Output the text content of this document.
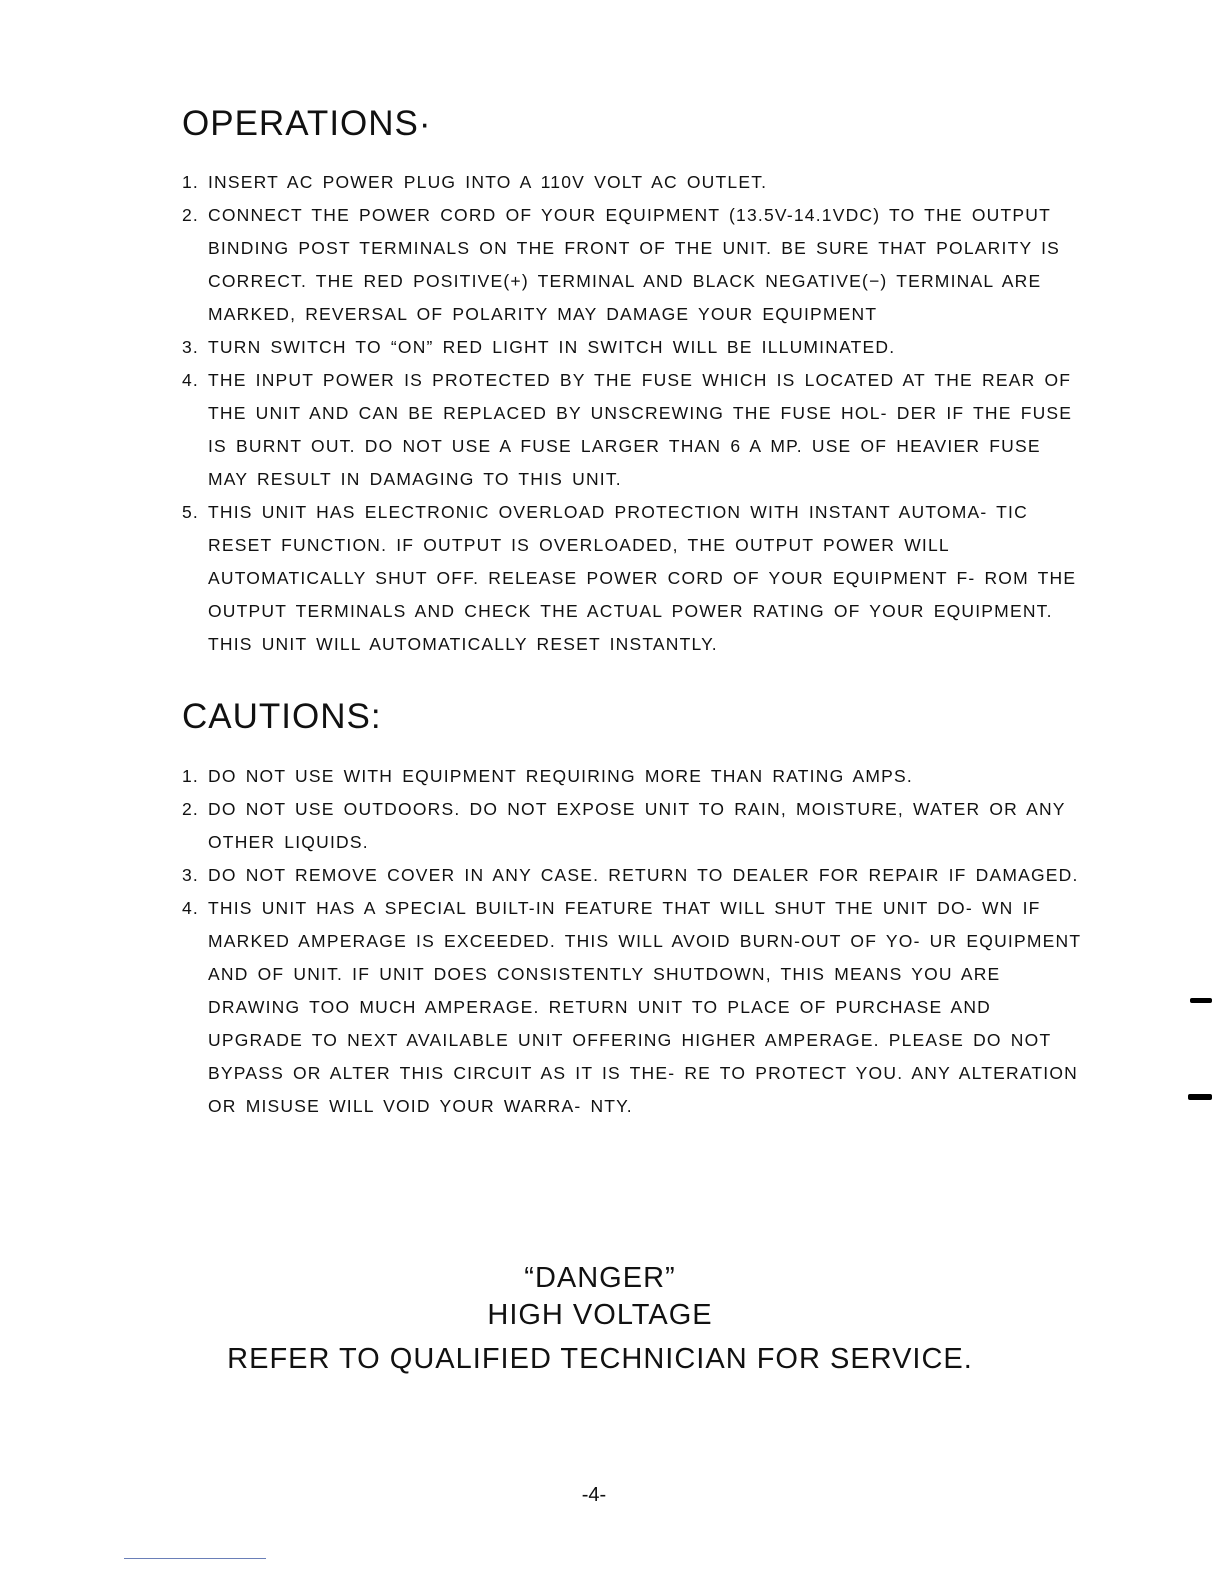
OPERATIONS·
1. INSERT AC POWER PLUG INTO A 110V VOLT AC OUTLET.
2. CONNECT THE POWER CORD OF YOUR EQUIPMENT (13.5V-14.1VDC) TO THE OUTPUT BINDING POST TERMINALS ON THE FRONT OF THE UNIT. BE SURE THAT POLARITY IS CORRECT. THE RED POSITIVE(+) TERMINAL AND BLACK NEGATIVE(−) TERMINAL ARE MARKED, REVERSAL OF POLARITY MAY DAMAGE YOUR EQUIPMENT
3. TURN SWITCH TO “ON” RED LIGHT IN SWITCH WILL BE ILLUMINATED.
4. THE INPUT POWER IS PROTECTED BY THE FUSE WHICH IS LOCATED AT THE REAR OF THE UNIT AND CAN BE REPLACED BY UNSCREWING THE FUSE HOL- DER IF THE FUSE IS BURNT OUT. DO NOT USE A FUSE LARGER THAN 6 A MP. USE OF HEAVIER FUSE MAY RESULT IN DAMAGING TO THIS UNIT.
5. THIS UNIT HAS ELECTRONIC OVERLOAD PROTECTION WITH INSTANT AUTOMA- TIC RESET FUNCTION. IF OUTPUT IS OVERLOADED, THE OUTPUT POWER WILL AUTOMATICALLY SHUT OFF. RELEASE POWER CORD OF YOUR EQUIPMENT F- ROM THE OUTPUT TERMINALS AND CHECK THE ACTUAL POWER RATING OF YOUR EQUIPMENT. THIS UNIT WILL AUTOMATICALLY RESET INSTANTLY.
CAUTIONS:
1. DO NOT USE WITH EQUIPMENT REQUIRING MORE THAN RATING AMPS.
2. DO NOT USE OUTDOORS. DO NOT EXPOSE UNIT TO RAIN, MOISTURE, WATER OR ANY OTHER LIQUIDS.
3. DO NOT REMOVE COVER IN ANY CASE. RETURN TO DEALER FOR REPAIR IF DAMAGED.
4. THIS UNIT HAS A SPECIAL BUILT-IN FEATURE THAT WILL SHUT THE UNIT DO- WN IF MARKED AMPERAGE IS EXCEEDED. THIS WILL AVOID BURN-OUT OF YO- UR EQUIPMENT AND OF UNIT. IF UNIT DOES CONSISTENTLY SHUTDOWN, THIS MEANS YOU ARE DRAWING TOO MUCH AMPERAGE. RETURN UNIT TO PLACE OF PURCHASE AND UPGRADE TO NEXT AVAILABLE UNIT OFFERING HIGHER AMPERAGE. PLEASE DO NOT BYPASS OR ALTER THIS CIRCUIT AS IT IS THE- RE TO PROTECT YOU. ANY ALTERATION OR MISUSE WILL VOID YOUR WARRA- NTY.

“DANGER”

HIGH VOLTAGE

REFER TO QUALIFIED TECHNICIAN FOR SERVICE.

-4-
